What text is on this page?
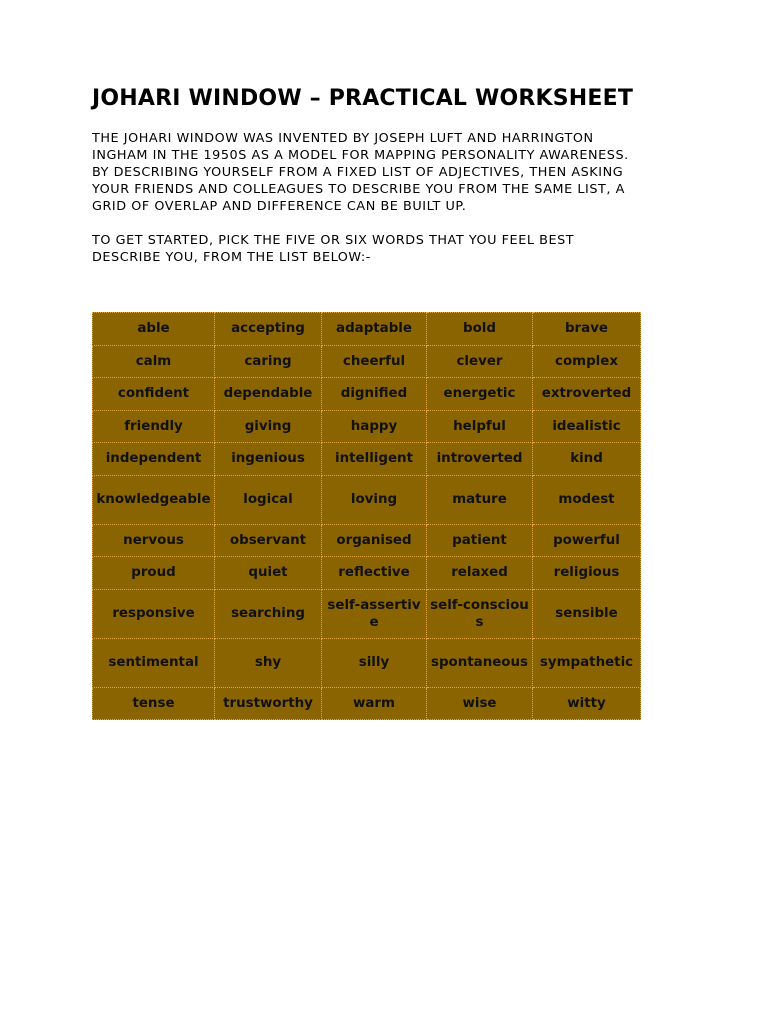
JOHARI WINDOW – PRACTICAL WORKSHEET

THE JOHARI WINDOW WAS INVENTED BY JOSEPH LUFT AND HARRINGTON
INGHAM IN THE 1950S AS A MODEL FOR MAPPING PERSONALITY AWARENESS.
BY DESCRIBING YOURSELF FROM A FIXED LIST OF ADJECTIVES, THEN ASKING
YOUR FRIENDS AND COLLEAGUES TO DESCRIBE YOU FROM THE SAME LIST, A
GRID OF OVERLAP AND DIFFERENCE CAN BE BUILT UP.

TO GET STARTED, PICK THE FIVE OR SIX WORDS THAT YOU FEEL BEST
DESCRIBE YOU, FROM THE LIST BELOW:-

able	accepting	adaptable	bold	brave
calm	caring	cheerful	clever	complex
confident	dependable	dignified	energetic	extroverted
friendly	giving	happy	helpful	idealistic
independent	ingenious	intelligent	introverted	kind
knowledgeable	logical	loving	mature	modest
nervous	observant	organised	patient	powerful
proud	quiet	reflective	relaxed	religious
responsive	searching	self-assertive	self-conscious	sensible
sentimental	shy	silly	spontaneous	sympathetic
tense	trustworthy	warm	wise	witty
